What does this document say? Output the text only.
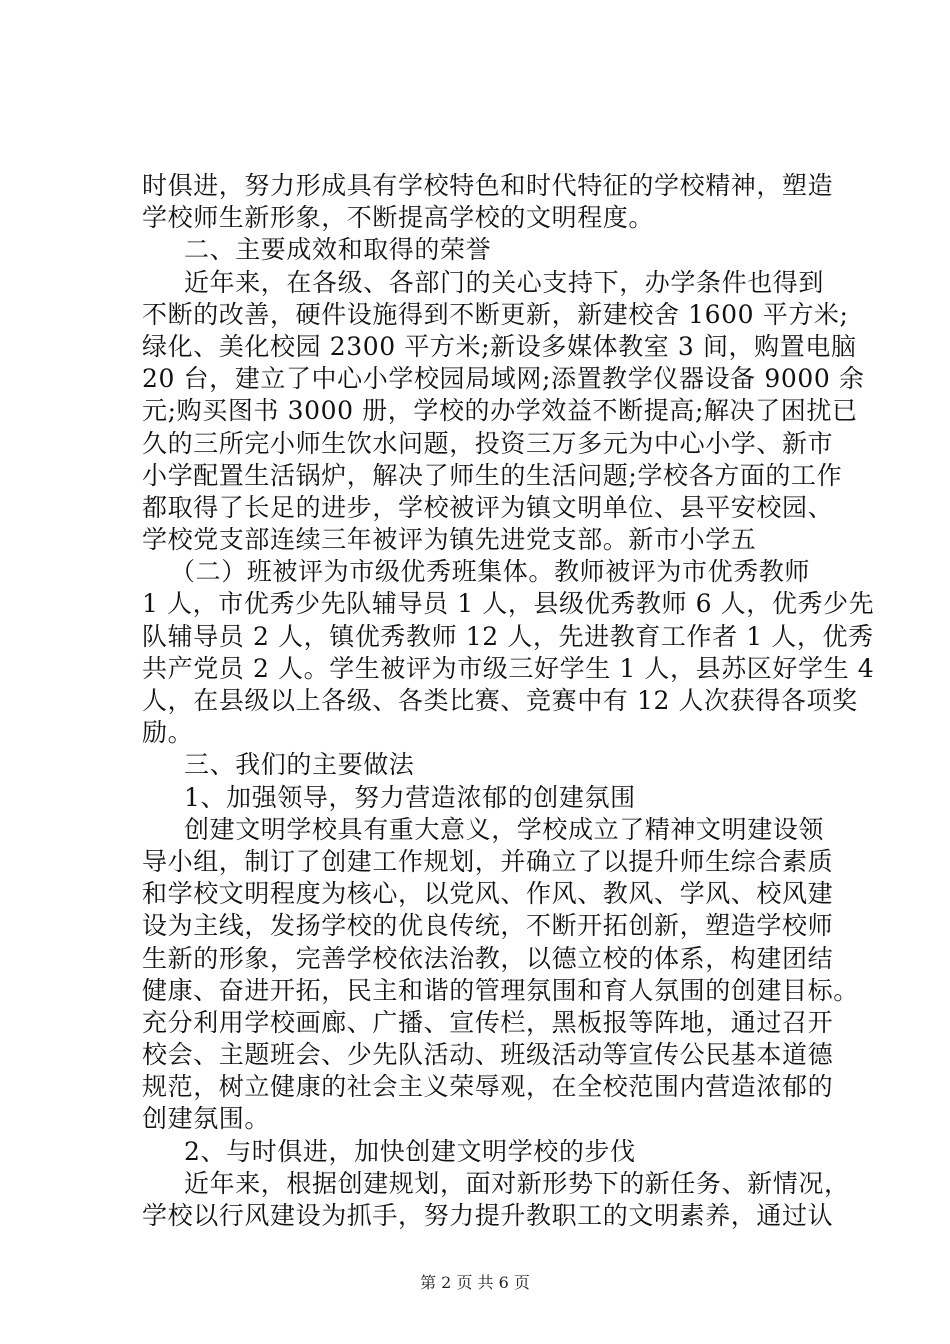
时俱进，努力形成具有学校特色和时代特征的学校精神，塑造
学校师生新形象，不断提高学校的文明程度。
二、主要成效和取得的荣誉
近年来，在各级、各部门的关心支持下，办学条件也得到
不断的改善，硬件设施得到不断更新，新建校舍 1600 平方米;
绿化、美化校园 2300 平方米;新设多媒体教室 3 间，购置电脑
20 台，建立了中心小学校园局域网;添置教学仪器设备 9000 余
元;购买图书 3000 册，学校的办学效益不断提高;解决了困扰已
久的三所完小师生饮水问题，投资三万多元为中心小学、新市
小学配置生活锅炉，解决了师生的生活问题;学校各方面的工作
都取得了长足的进步，学校被评为镇文明单位、县平安校园、
学校党支部连续三年被评为镇先进党支部。新市小学五
（二）班被评为市级优秀班集体。教师被评为市优秀教师
1 人，市优秀少先队辅导员 1 人，县级优秀教师 6 人，优秀少先
队辅导员 2 人，镇优秀教师 12 人，先进教育工作者 1 人，优秀
共产党员 2 人。学生被评为市级三好学生 1 人，县苏区好学生 4
人，在县级以上各级、各类比赛、竞赛中有 12 人次获得各项奖
励。
三、我们的主要做法
1、加强领导，努力营造浓郁的创建氛围
创建文明学校具有重大意义，学校成立了精神文明建设领
导小组，制订了创建工作规划，并确立了以提升师生综合素质
和学校文明程度为核心，以党风、作风、教风、学风、校风建
设为主线，发扬学校的优良传统，不断开拓创新，塑造学校师
生新的形象，完善学校依法治教，以德立校的体系，构建团结
健康、奋进开拓，民主和谐的管理氛围和育人氛围的创建目标。
充分利用学校画廊、广播、宣传栏，黑板报等阵地，通过召开
校会、主题班会、少先队活动、班级活动等宣传公民基本道德
规范，树立健康的社会主义荣辱观，在全校范围内营造浓郁的
创建氛围。
2、与时俱进，加快创建文明学校的步伐
近年来，根据创建规划，面对新形势下的新任务、新情况，
学校以行风建设为抓手，努力提升教职工的文明素养，通过认
第 2 页 共 6 页
